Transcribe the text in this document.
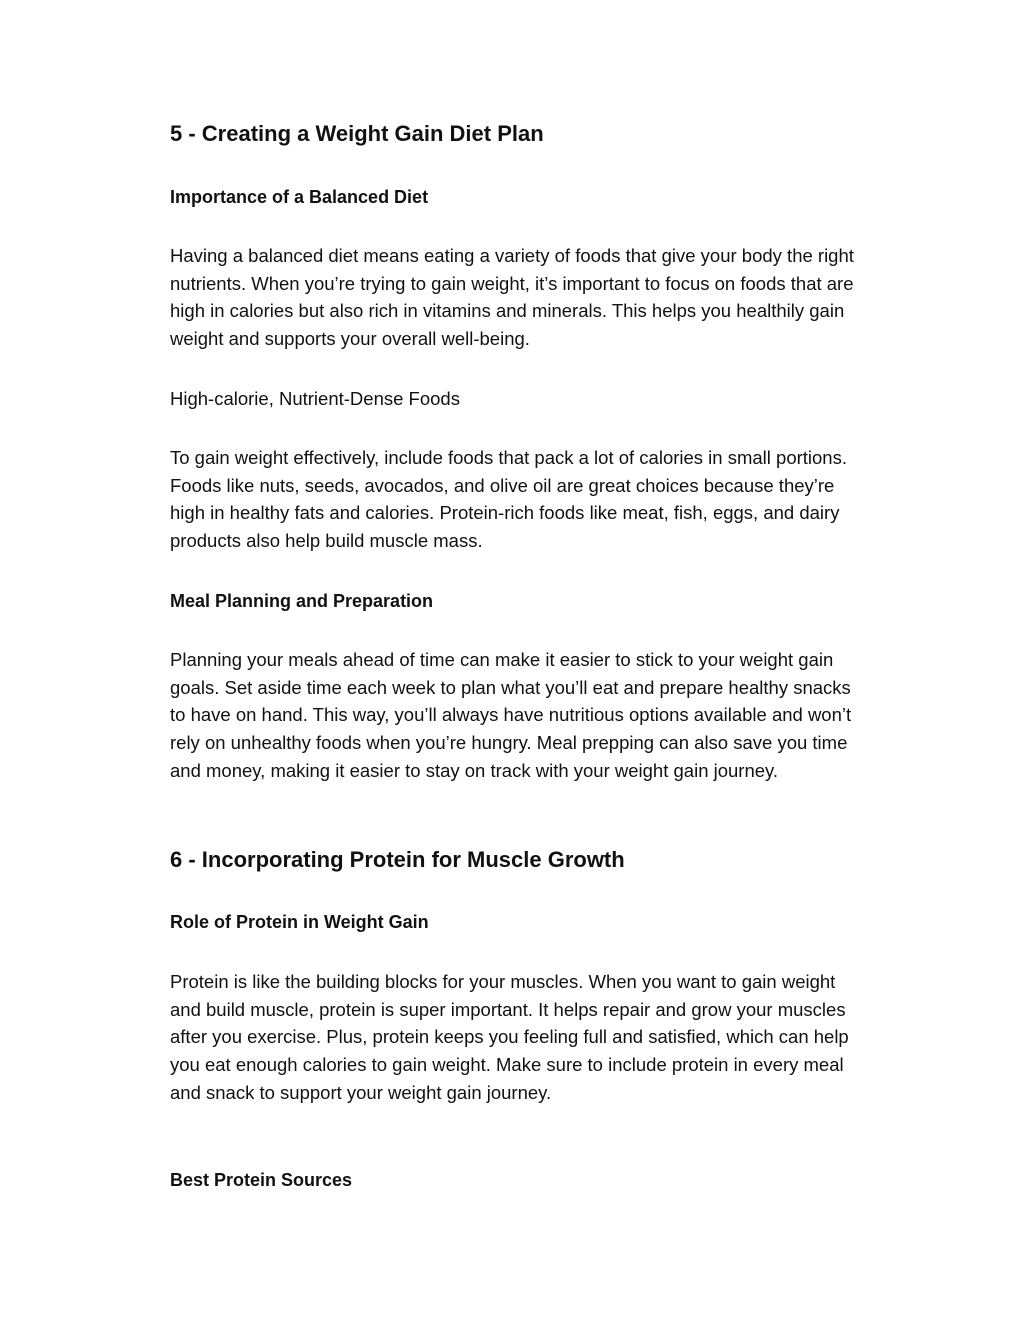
5 - Creating a Weight Gain Diet Plan
Importance of a Balanced Diet

Having a balanced diet means eating a variety of foods that give your body the right nutrients. When you’re trying to gain weight, it’s important to focus on foods that are high in calories but also rich in vitamins and minerals. This helps you healthily gain weight and supports your overall well-being.

High-calorie, Nutrient-Dense Foods

To gain weight effectively, include foods that pack a lot of calories in small portions. Foods like nuts, seeds, avocados, and olive oil are great choices because they’re high in healthy fats and calories. Protein-rich foods like meat, fish, eggs, and dairy products also help build muscle mass.

Meal Planning and Preparation

Planning your meals ahead of time can make it easier to stick to your weight gain goals. Set aside time each week to plan what you’ll eat and prepare healthy snacks to have on hand. This way, you’ll always have nutritious options available and won’t rely on unhealthy foods when you’re hungry. Meal prepping can also save you time and money, making it easier to stay on track with your weight gain journey.

6 - Incorporating Protein for Muscle Growth
Role of Protein in Weight Gain

Protein is like the building blocks for your muscles. When you want to gain weight and build muscle, protein is super important. It helps repair and grow your muscles after you exercise. Plus, protein keeps you feeling full and satisfied, which can help you eat enough calories to gain weight. Make sure to include protein in every meal and snack to support your weight gain journey.

Best Protein Sources
